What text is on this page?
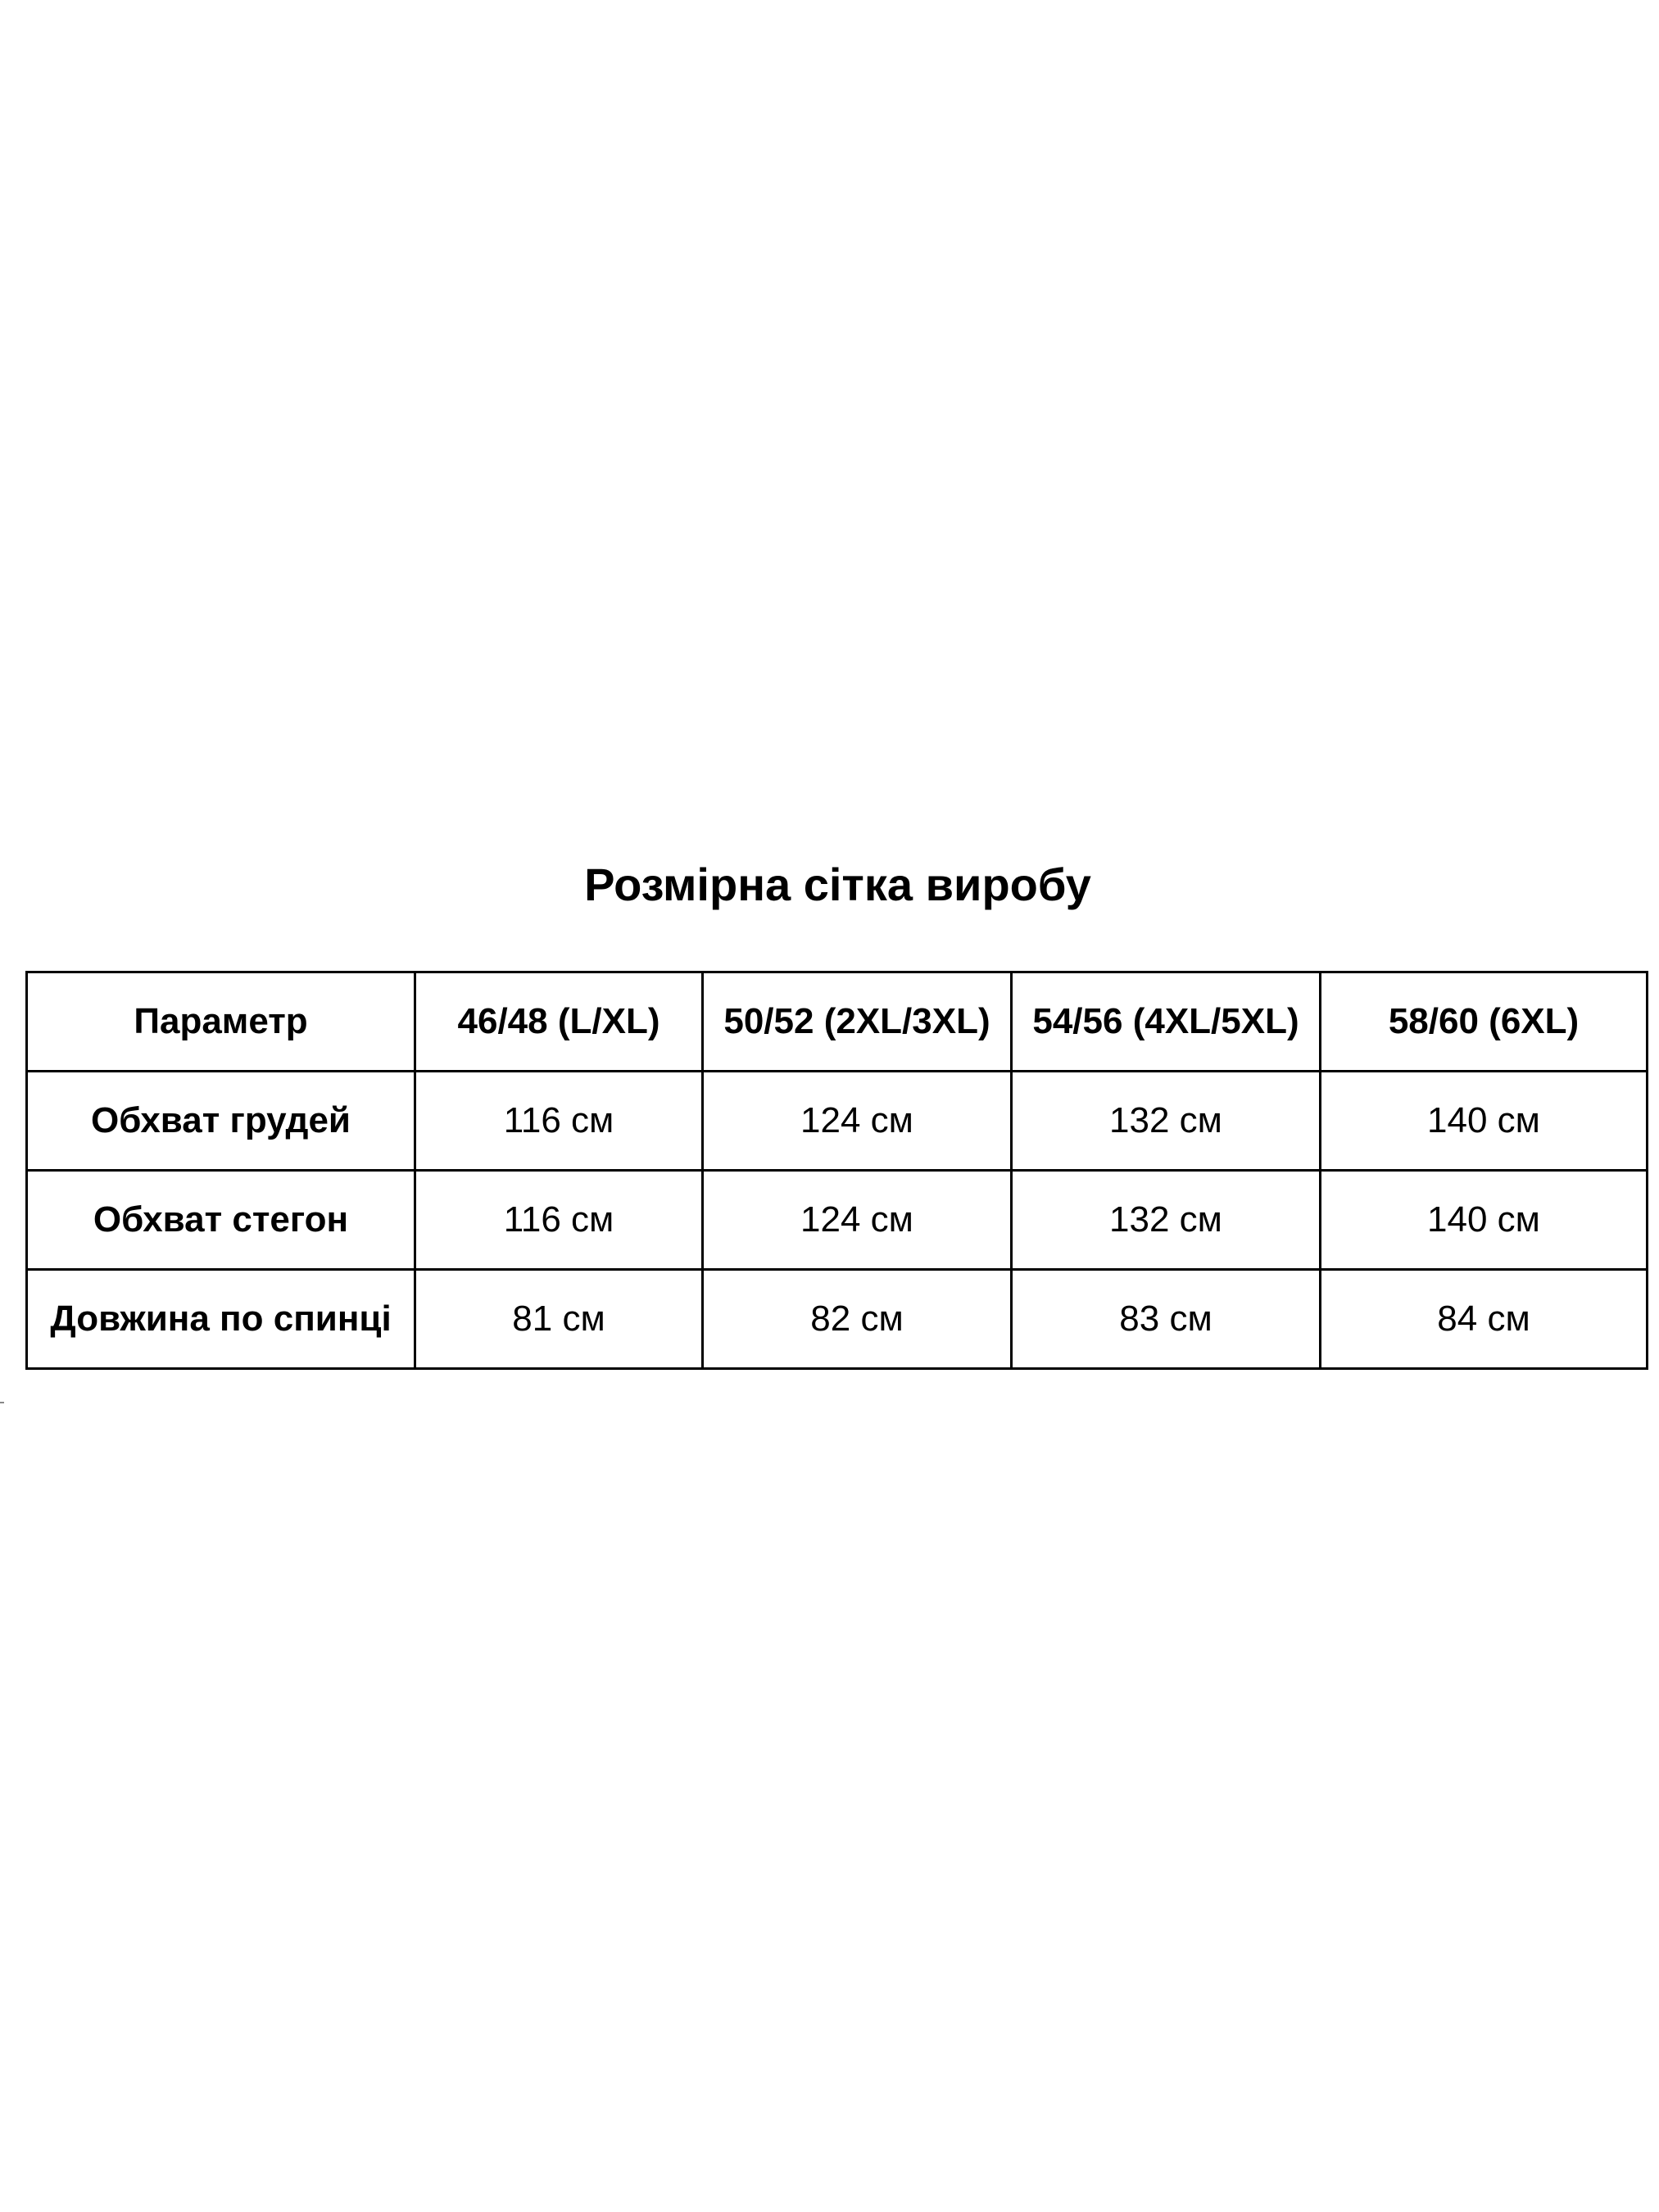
Розмірна сітка виробу
Параметр	46/48 (L/XL)	50/52 (2XL/3XL)	54/56 (4XL/5XL)	58/60 (6XL)
Обхват грудей	116 см	124 см	132 см	140 см
Обхват стегон	116 см	124 см	132 см	140 см
Довжина по спинці	81 см	82 см	83 см	84 см
